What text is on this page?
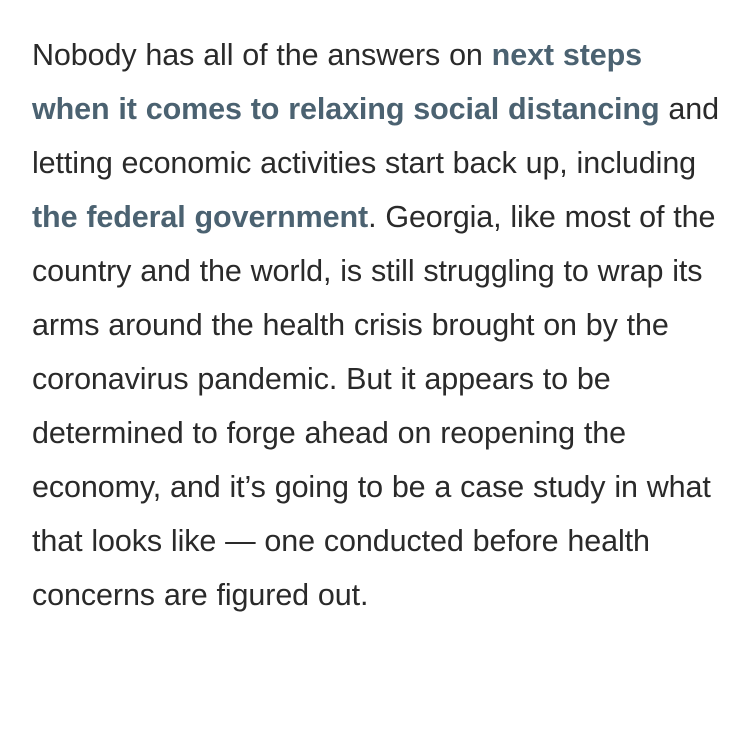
Nobody has all of the answers on next steps when it comes to relaxing social distancing and letting economic activities start back up, including the federal government. Georgia, like most of the country and the world, is still struggling to wrap its arms around the health crisis brought on by the coronavirus pandemic. But it appears to be determined to forge ahead on reopening the economy, and it’s going to be a case study in what that looks like — one conducted before health concerns are figured out.
